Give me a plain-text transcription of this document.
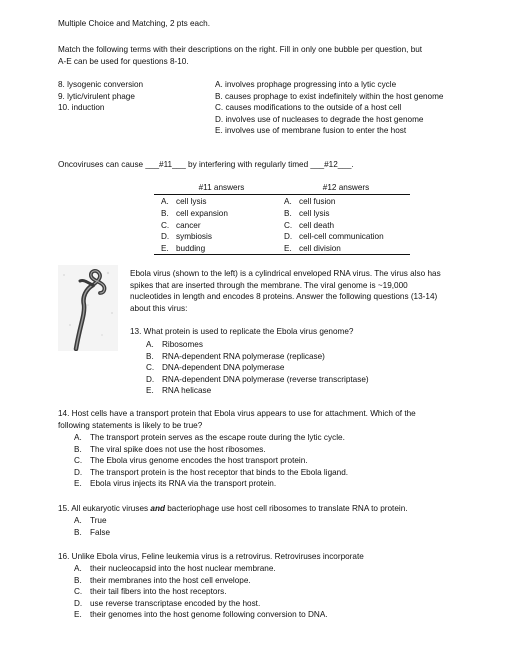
Multiple Choice and Matching, 2 pts each.
Match the following terms with their descriptions on the right. Fill in only one bubble per question, but
A-E can be used for questions 8-10.
8. lysogenic conversion
9. lytic/virulent phage
10. induction
A. involves prophage progressing into a lytic cycle
B. causes prophage to exist indefinitely within the host genome
C. causes modifications to the outside of a host cell
D. involves use of nucleases to degrade the host genome
E. involves use of membrane fusion to enter the host
Oncoviruses can cause ___#11___ by interfering with regularly timed ___#12___.
#11 answers	#12 answers
A. cell lysis
B. cell expansion
C. cancer
D. symbiosis
E. budding
A. cell fusion
B. cell lysis
C. cell death
D. cell-cell communication
E. cell division
Ebola virus (shown to the left) is a cylindrical enveloped RNA virus. The virus also has
spikes that are inserted through the membrane. The viral genome is ~19,000
nucleotides in length and encodes 8 proteins. Answer the following questions (13-14)
about this virus:
13. What protein is used to replicate the Ebola virus genome?
A. Ribosomes
B. RNA-dependent RNA polymerase (replicase)
C. DNA-dependent DNA polymerase
D. RNA-dependent DNA polymerase (reverse transcriptase)
E. RNA helicase
14. Host cells have a transport protein that Ebola virus appears to use for attachment. Which of the
following statements is likely to be true?
A. The transport protein serves as the escape route during the lytic cycle.
B. The viral spike does not use the host ribosomes.
C. The Ebola virus genome encodes the host transport protein.
D. The transport protein is the host receptor that binds to the Ebola ligand.
E. Ebola virus injects its RNA via the transport protein.
15. All eukaryotic viruses and bacteriophage use host cell ribosomes to translate RNA to protein.
A. True
B. False
16. Unlike Ebola virus, Feline leukemia virus is a retrovirus. Retroviruses incorporate
A. their nucleocapsid into the host nuclear membrane.
B. their membranes into the host cell envelope.
C. their tail fibers into the host receptors.
D. use reverse transcriptase encoded by the host.
E. their genomes into the host genome following conversion to DNA.
